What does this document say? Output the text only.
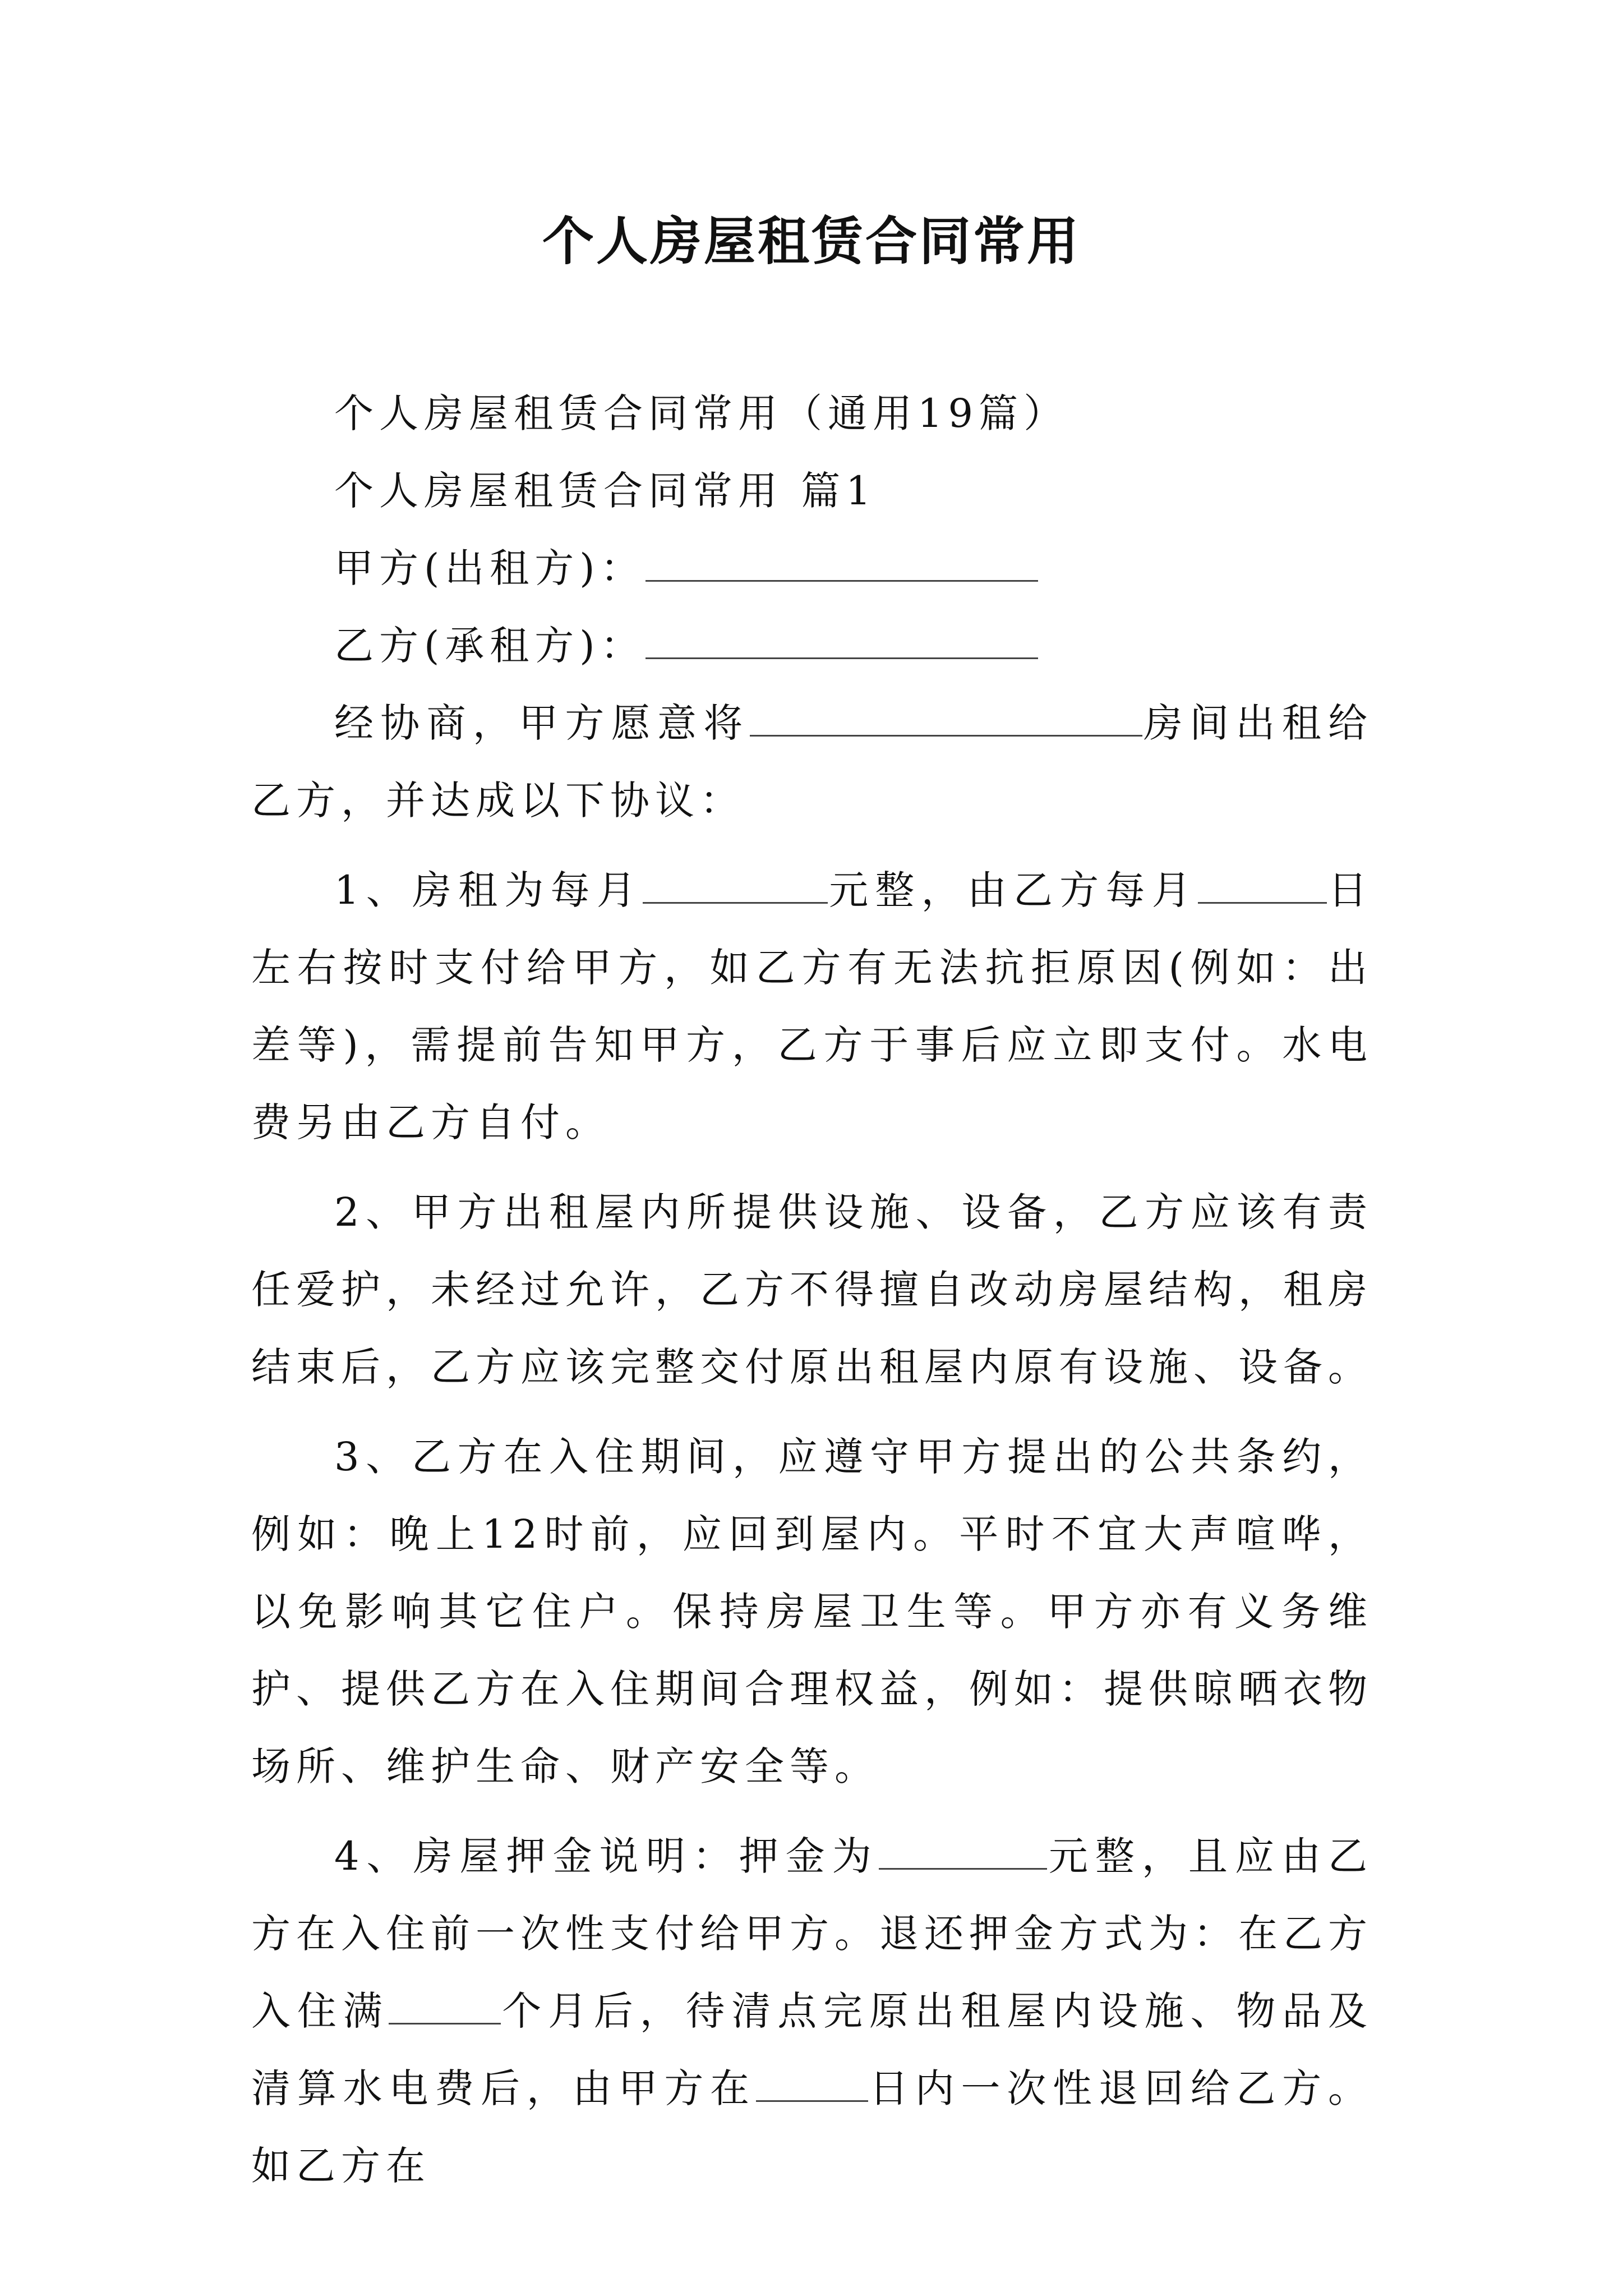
个人房屋租赁合同常用

个人房屋租赁合同常用（通用19篇）

个人房屋租赁合同常用 篇1

甲方(出租方)：

乙方(承租方)：

经协商，甲方愿意将	房间出租给乙方，并达成以下协议：

1、房租为每月	元整，由乙方每月	日左右按时支付给甲方，如乙方有无法抗拒原因(例如：出差等)，需提前告知甲方，乙方于事后应立即支付。水电费另由乙方自付。

2、甲方出租屋内所提供设施、设备，乙方应该有责任爱护，未经过允许，乙方不得擅自改动房屋结构，租房结束后，乙方应该完整交付原出租屋内原有设施、设备。

3、乙方在入住期间，应遵守甲方提出的公共条约，例如：晚上12时前，应回到屋内。平时不宜大声喧哗，以免影响其它住户。保持房屋卫生等。甲方亦有义务维护、提供乙方在入住期间合理权益，例如：提供晾晒衣物场所、维护生命、财产安全等。

4、房屋押金说明：押金为	元整，且应由乙方在入住前一次性支付给甲方。退还押金方式为：在乙方入住满	个月后，待清点完原出租屋内设施、物品及清算水电费后，由甲方在	日内一次性退回给乙方。如乙方在
